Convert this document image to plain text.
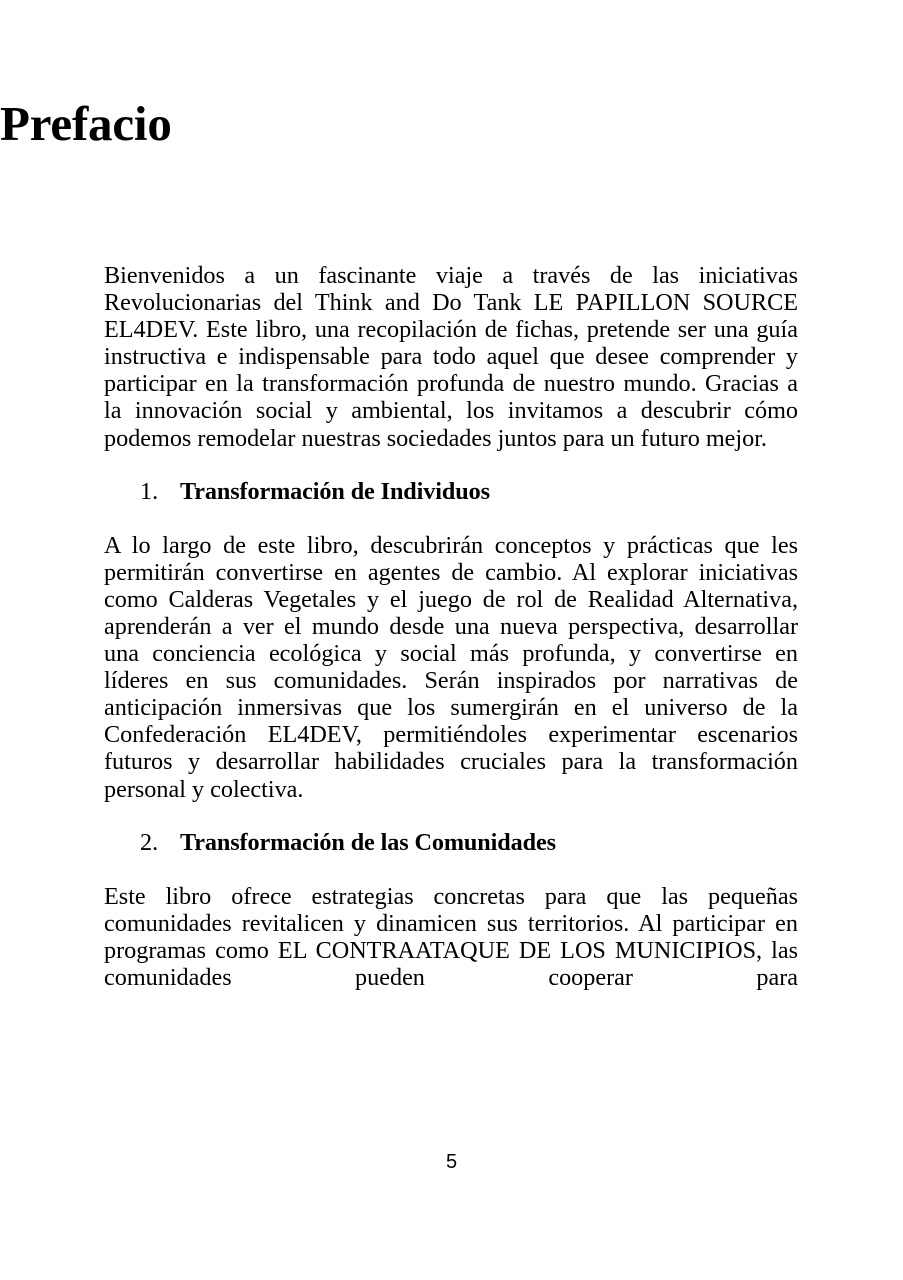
Prefacio

Bienvenidos a un fascinante viaje a través de las iniciativas Revolucionarias del Think and Do Tank LE PAPILLON SOURCE EL4DEV. Este libro, una recopilación de fichas, pretende ser una guía instructiva e indispensable para todo aquel que desee comprender y participar en la transformación profunda de nuestro mundo. Gracias a la innovación social y ambiental, los invitamos a descubrir cómo podemos remodelar nuestras sociedades juntos para un futuro mejor.

1. Transformación de Individuos

A lo largo de este libro, descubrirán conceptos y prácticas que les permitirán convertirse en agentes de cambio. Al explorar iniciativas como Calderas Vegetales y el juego de rol de Realidad Alternativa, aprenderán a ver el mundo desde una nueva perspectiva, desarrollar una conciencia ecológica y social más profunda, y convertirse en líderes en sus comunidades. Serán inspirados por narrativas de anticipación inmersivas que los sumergirán en el universo de la Confederación EL4DEV, permitiéndoles experimentar escenarios futuros y desarrollar habilidades cruciales para la transformación personal y colectiva.

2. Transformación de las Comunidades

Este libro ofrece estrategias concretas para que las pequeñas comunidades revitalicen y dinamicen sus territorios. Al participar en programas como EL CONTRAATAQUE DE LOS MUNICIPIOS, las comunidades pueden cooperar para

5
